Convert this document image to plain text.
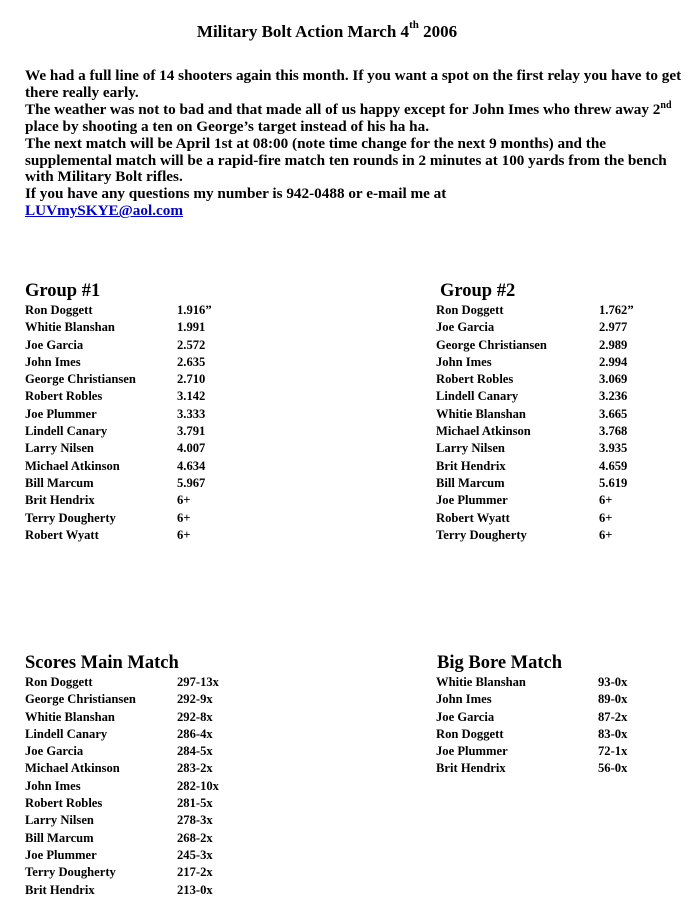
Military Bolt Action March 4th 2006

We had a full line of 14 shooters again this month. If you want a spot on the first relay you have to get there really early.

The weather was not to bad and that made all of us happy except for John Imes who threw away 2nd place by shooting a ten on George’s target instead of his ha ha.

The next match will be April 1st at 08:00 (note time change for the next 9 months) and the supplemental match will be a rapid-fire match ten rounds in 2 minutes at 100 yards from the bench with Military Bolt rifles.

If you have any questions my number is 942-0488 or e-mail me at

LUVmySKYE@aol.com

Group #1
Ron Doggett	1.916”
Whitie Blanshan	1.991
Joe Garcia	2.572
John Imes	2.635
George Christiansen	2.710
Robert Robles	3.142
Joe Plummer	3.333
Lindell Canary	3.791
Larry Nilsen	4.007
Michael Atkinson	4.634
Bill Marcum	5.967
Brit Hendrix	6+
Terry Dougherty	6+
Robert Wyatt	6+
Group #2
Ron Doggett	1.762”
Joe Garcia	2.977
George Christiansen	2.989
John Imes	2.994
Robert Robles	3.069
Lindell Canary	3.236
Whitie Blanshan	3.665
Michael Atkinson	3.768
Larry Nilsen	3.935
Brit Hendrix	4.659
Bill Marcum	5.619
Joe Plummer	6+
Robert Wyatt	6+
Terry Dougherty	6+
Scores Main Match
Ron Doggett	297-13x
George Christiansen	292-9x
Whitie Blanshan	292-8x
Lindell Canary	286-4x
Joe Garcia	284-5x
Michael Atkinson	283-2x
John Imes	282-10x
Robert Robles	281-5x
Larry Nilsen	278-3x
Bill Marcum	268-2x
Joe Plummer	245-3x
Terry Dougherty	217-2x
Brit Hendrix	213-0x
Big Bore Match
Whitie Blanshan	93-0x
John Imes	89-0x
Joe Garcia	87-2x
Ron Doggett	83-0x
Joe Plummer	72-1x
Brit Hendrix	56-0x
